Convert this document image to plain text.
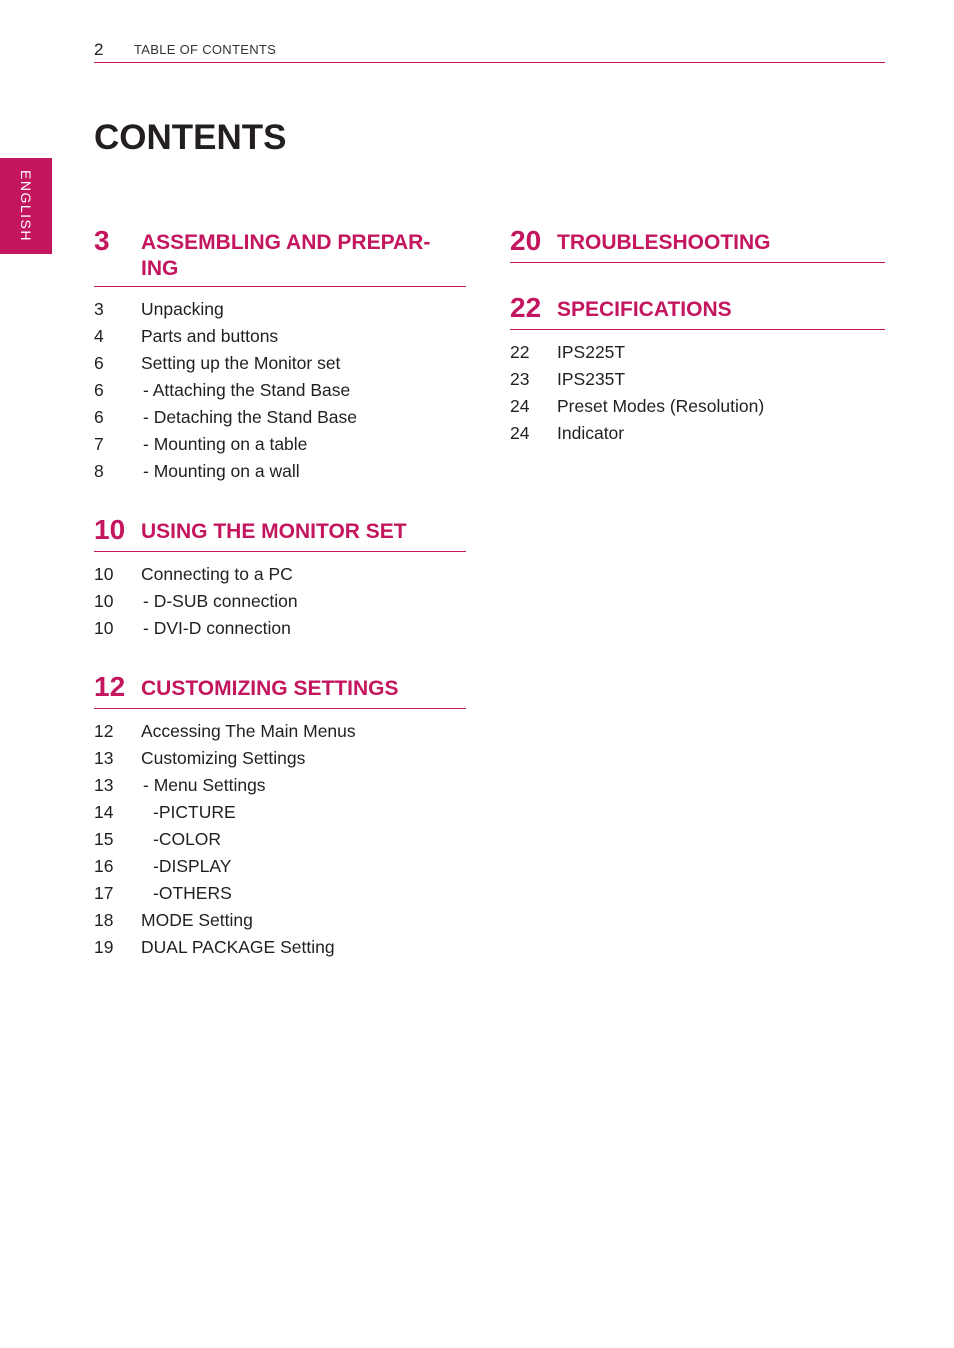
2 TABLE OF CONTENTS
ENGLISH
CONTENTS
3	ASSEMBLING AND PREPAR-
ING
3	Unpacking
4	Parts and buttons
6	Setting up the Monitor set
6	- Attaching the Stand Base
6	- Detaching the Stand Base
7	- Mounting on a table
8	- Mounting on a wall
10 USING THE MONITOR SET
10	Connecting to a PC
10	- D-SUB connection
10	- DVI-D connection
12 CUSTOMIZING SETTINGS
12	Accessing The Main Menus
13	Customizing Settings
13	- Menu Settings
14	-PICTURE
15	-COLOR
16	-DISPLAY
17	-OTHERS
18	MODE Setting
19	DUAL PACKAGE Setting
20 TROUBLESHOOTING
22 SPECIFICATIONS
22	IPS225T
23	IPS235T
24	Preset Modes (Resolution)
24	Indicator
